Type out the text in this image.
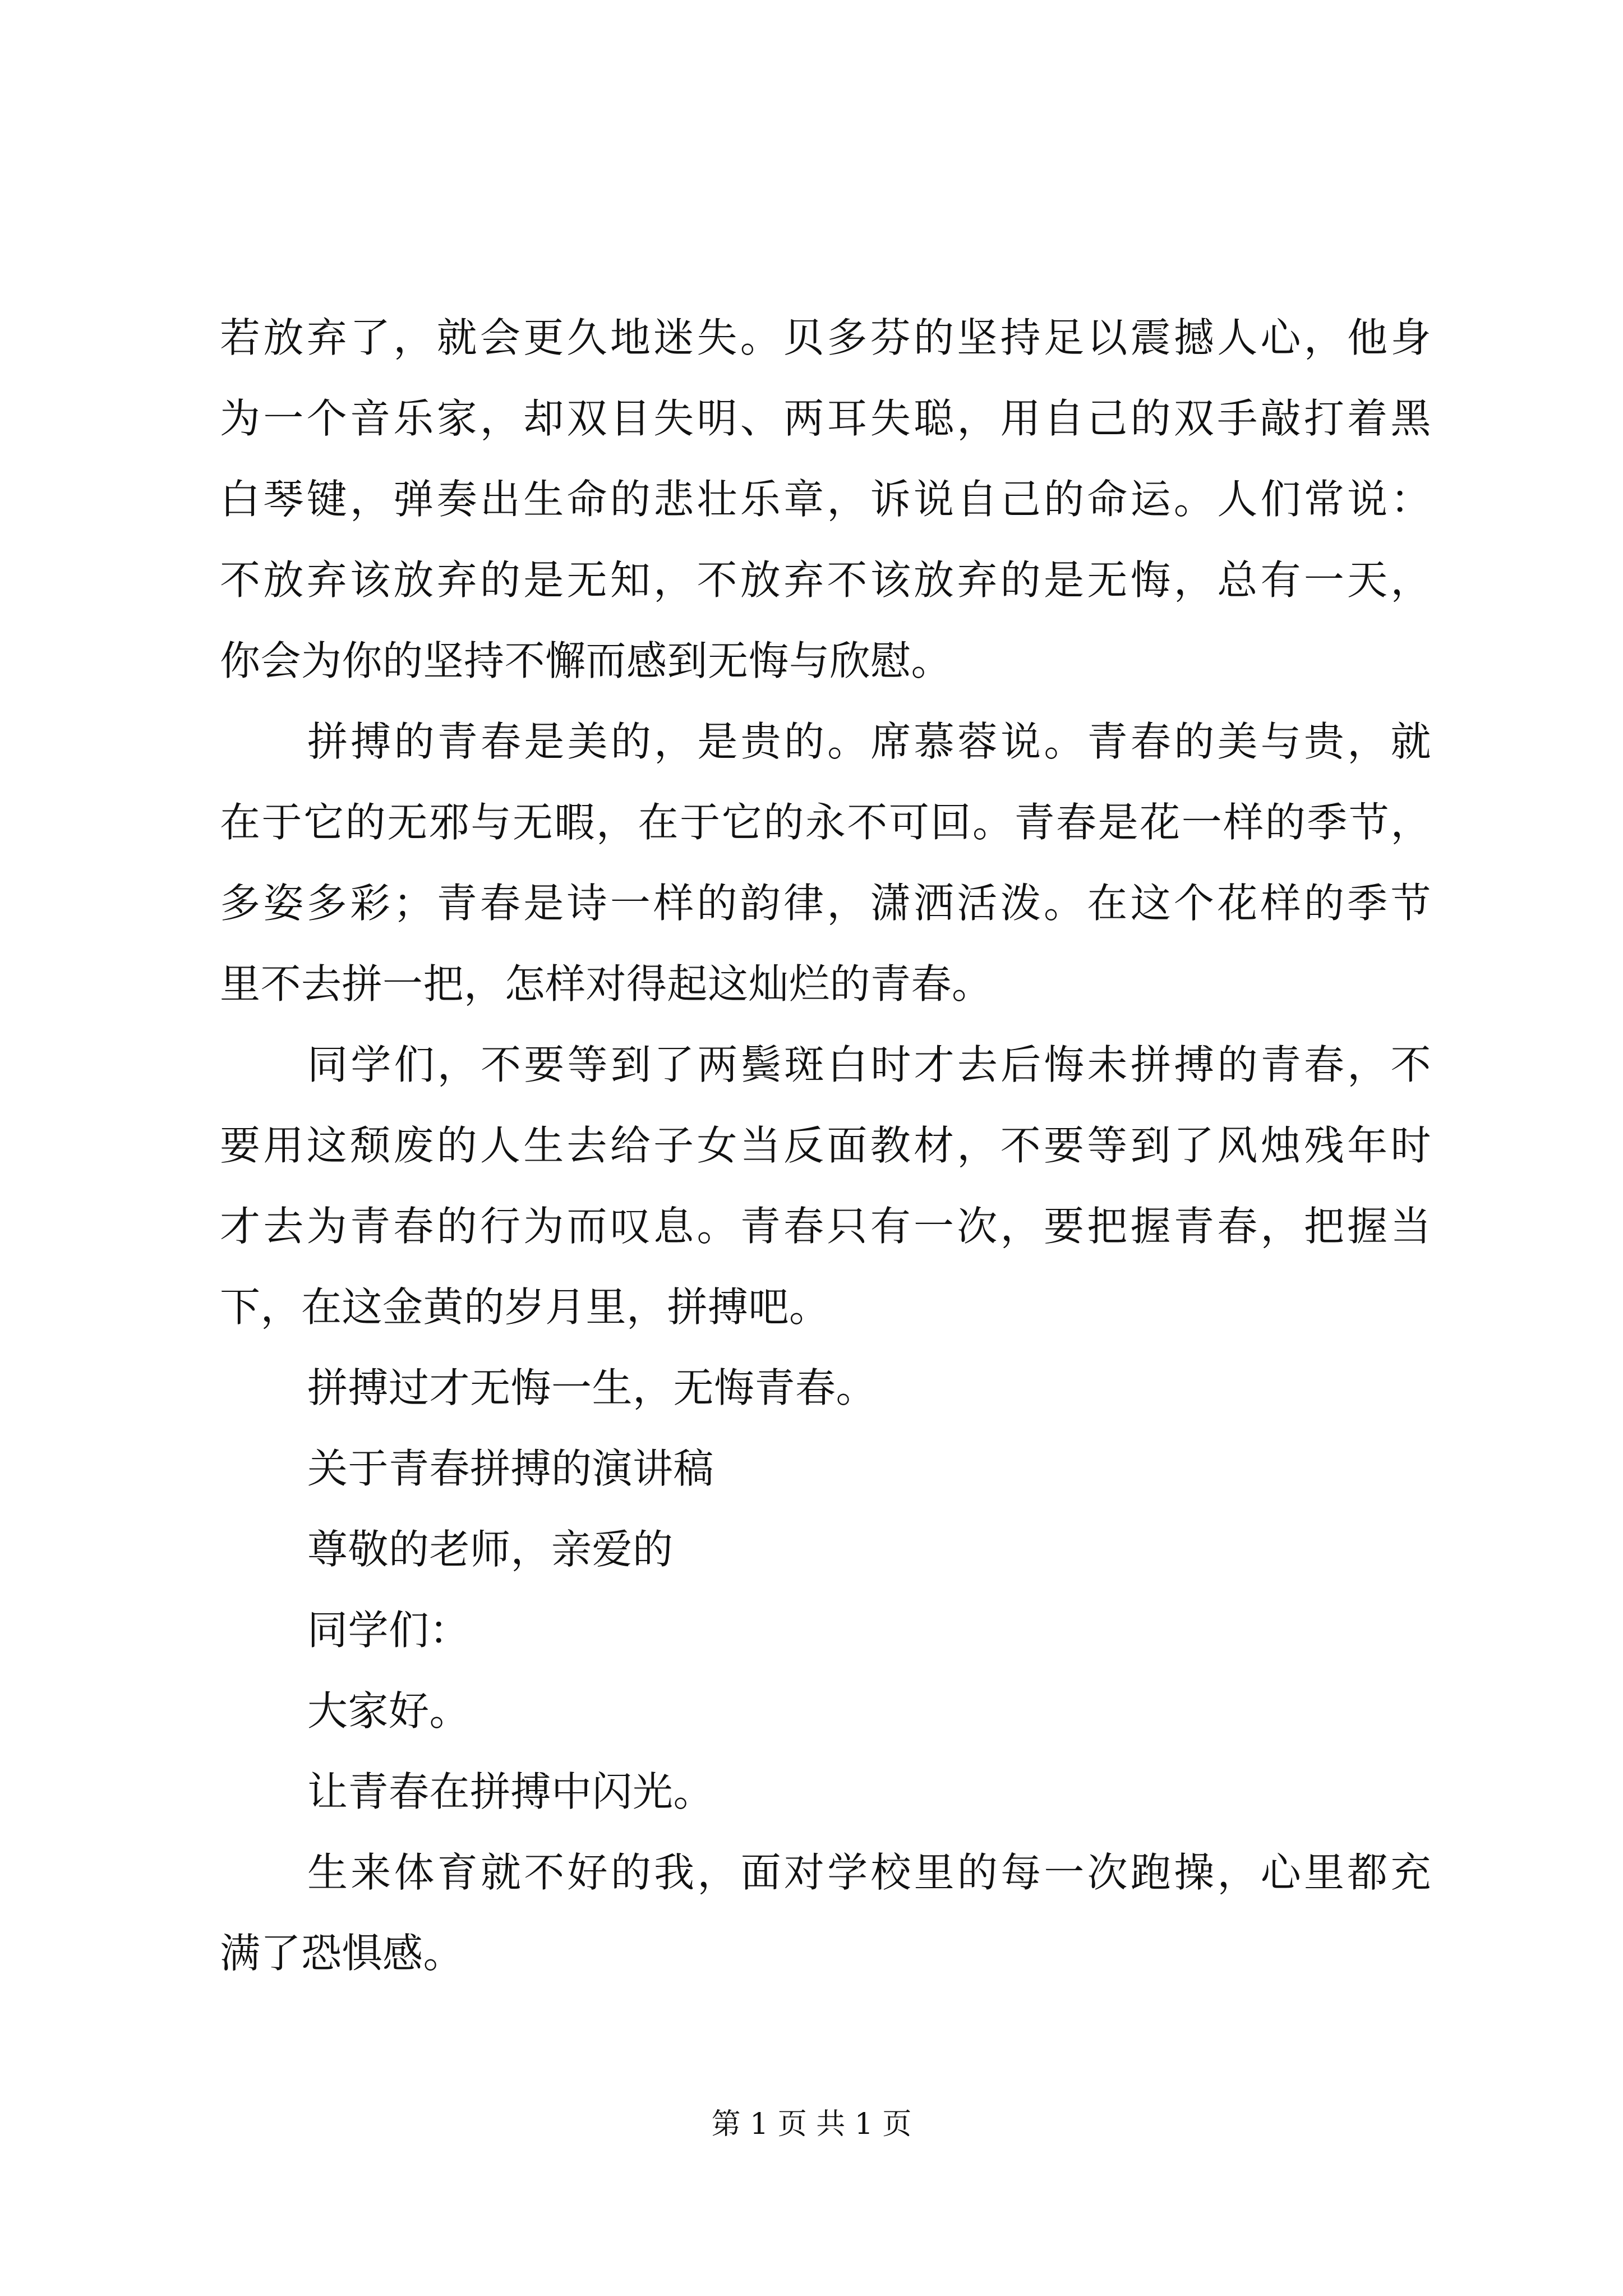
若放弃了，就会更久地迷失。贝多芬的坚持足以震撼人心，他身
为一个音乐家，却双目失明、两耳失聪，用自己的双手敲打着黑
白琴键，弹奏出生命的悲壮乐章，诉说自己的命运。人们常说：
不放弃该放弃的是无知，不放弃不该放弃的是无悔，总有一天，
你会为你的坚持不懈而感到无悔与欣慰。
拼搏的青春是美的，是贵的。席慕蓉说。青春的美与贵，就
在于它的无邪与无暇，在于它的永不可回。青春是花一样的季节，
多姿多彩；青春是诗一样的韵律，潇洒活泼。在这个花样的季节
里不去拼一把，怎样对得起这灿烂的青春。
同学们，不要等到了两鬓斑白时才去后悔未拼搏的青春，不
要用这颓废的人生去给子女当反面教材，不要等到了风烛残年时
才去为青春的行为而叹息。青春只有一次，要把握青春，把握当
下，在这金黄的岁月里，拼搏吧。
拼搏过才无悔一生，无悔青春。
关于青春拼搏的演讲稿
尊敬的老师，亲爱的
同学们：
大家好。
让青春在拼搏中闪光。
生来体育就不好的我，面对学校里的每一次跑操，心里都充
满了恐惧感。
第 1 页 共 1 页
